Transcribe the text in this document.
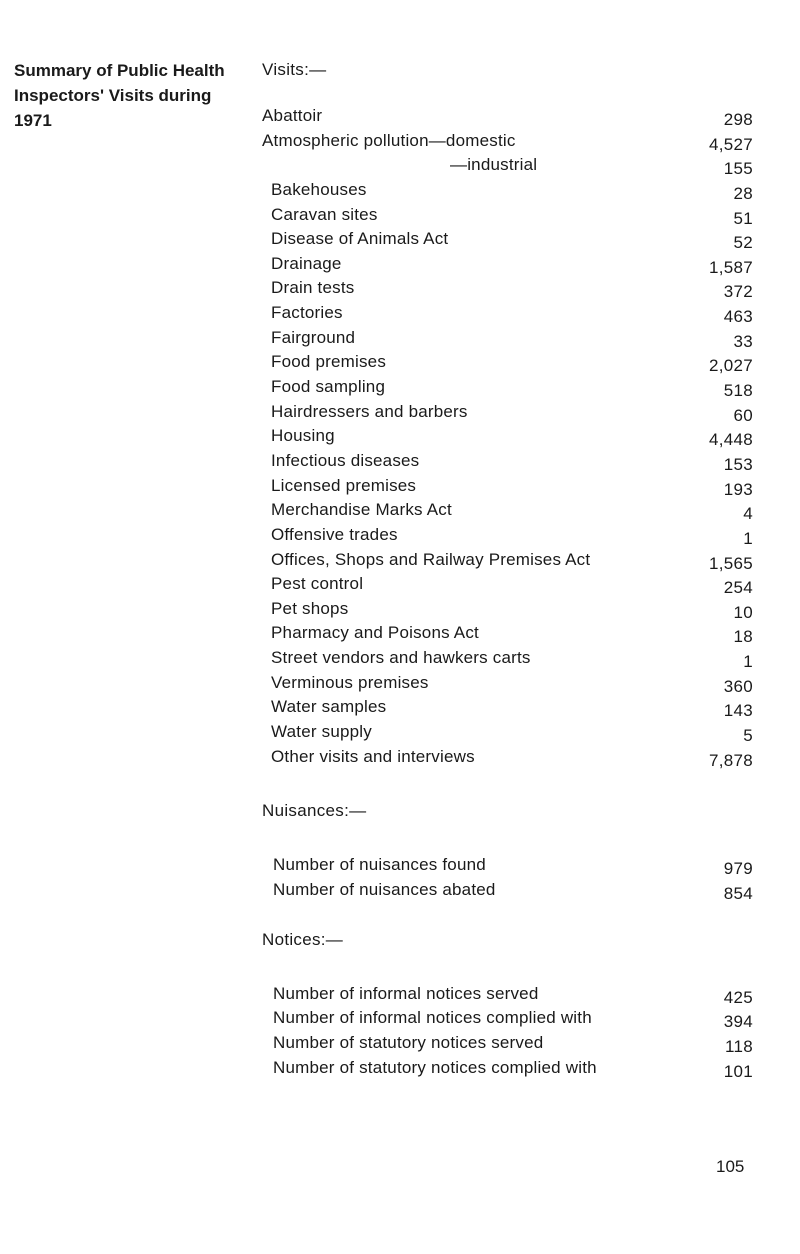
Summary of Public Health
Inspectors' Visits during
1971
Visits:—
Abattoir	298
Atmospheric pollution—domestic	4,527
—industrial	155
Bakehouses	28
Caravan sites	51
Disease of Animals Act	52
Drainage	1,587
Drain tests	372
Factories	463
Fairground	33
Food premises	2,027
Food sampling	518
Hairdressers and barbers	60
Housing	4,448
Infectious diseases	153
Licensed premises	193
Merchandise Marks Act	4
Offensive trades	1
Offices, Shops and Railway Premises Act	1,565
Pest control	254
Pet shops	10
Pharmacy and Poisons Act	18
Street vendors and hawkers carts	1
Verminous premises	360
Water samples	143
Water supply	5
Other visits and interviews	7,878
Nuisances:—
Number of nuisances found	979
Number of nuisances abated	854
Notices:—
Number of informal notices served	425
Number of informal notices complied with	394
Number of statutory notices served	118
Number of statutory notices complied with	101
105
